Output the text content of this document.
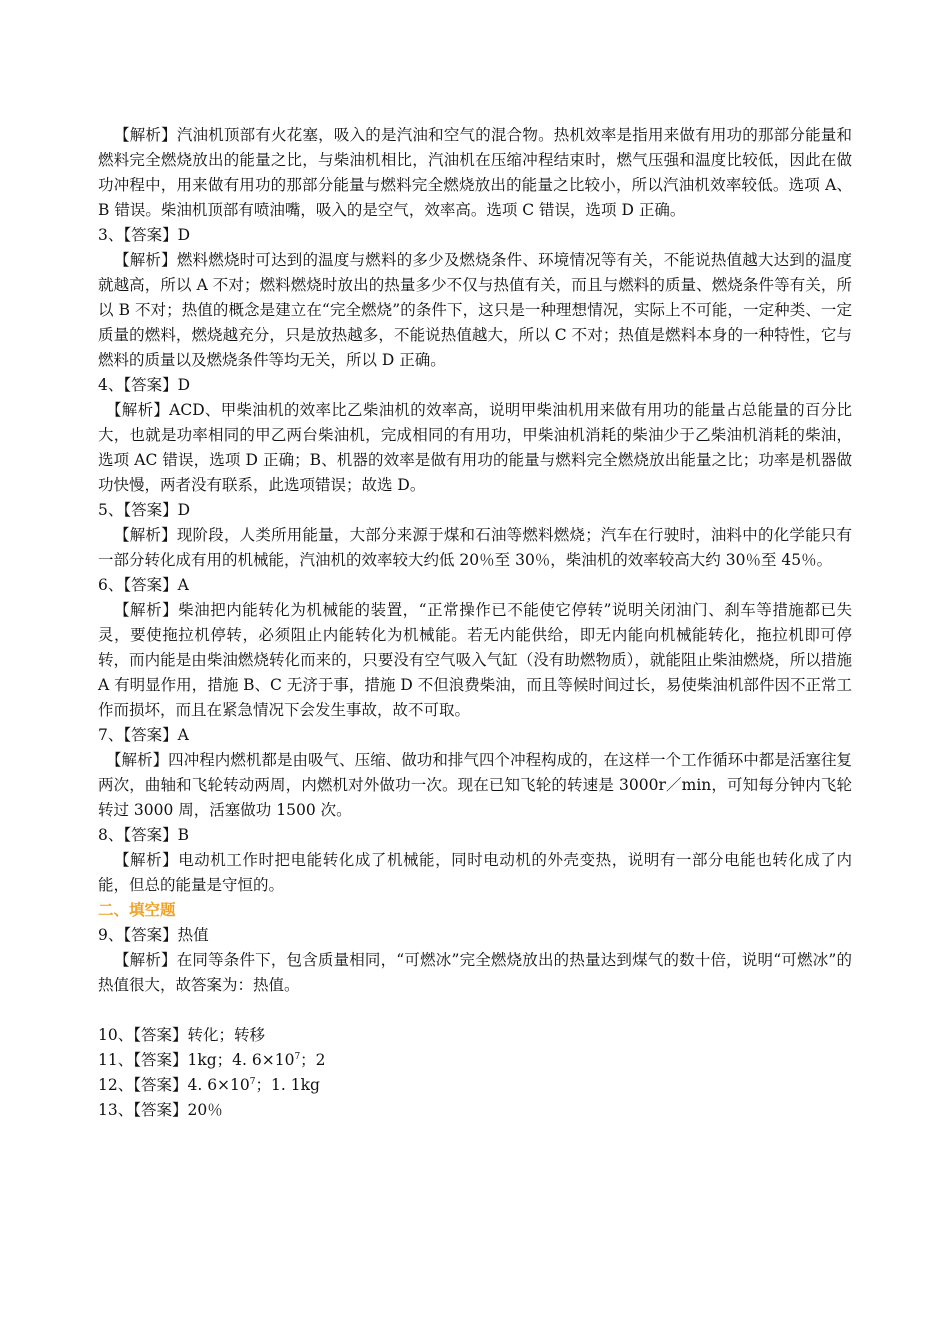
【解析】汽油机顶部有火花塞，吸入的是汽油和空气的混合物。热机效率是指用来做有用功的那部分能量和燃料完全燃烧放出的能量之比，与柴油机相比，汽油机在压缩冲程结束时，燃气压强和温度比较低，因此在做功冲程中，用来做有用功的那部分能量与燃料完全燃烧放出的能量之比较小，所以汽油机效率较低。选项 A、B 错误。柴油机顶部有喷油嘴，吸入的是空气，效率高。选项 C 错误，选项 D 正确。

3、【答案】D

【解析】燃料燃烧时可达到的温度与燃料的多少及燃烧条件、环境情况等有关，不能说热值越大达到的温度就越高，所以 A 不对；燃料燃烧时放出的热量多少不仅与热值有关，而且与燃料的质量、燃烧条件等有关，所以 B 不对；热值的概念是建立在“完全燃烧”的条件下，这只是一种理想情况，实际上不可能，一定种类、一定质量的燃料，燃烧越充分，只是放热越多，不能说热值越大，所以 C 不对；热值是燃料本身的一种特性，它与燃料的质量以及燃烧条件等均无关，所以 D 正确。

4、【答案】D

【解析】ACD、甲柴油机的效率比乙柴油机的效率高，说明甲柴油机用来做有用功的能量占总能量的百分比大，也就是功率相同的甲乙两台柴油机，完成相同的有用功，甲柴油机消耗的柴油少于乙柴油机消耗的柴油，选项 AC 错误，选项 D 正确；B、机器的效率是做有用功的能量与燃料完全燃烧放出能量之比；功率是机器做功快慢，两者没有联系，此选项错误；故选 D。

5、【答案】D

【解析】现阶段，人类所用能量，大部分来源于煤和石油等燃料燃烧；汽车在行驶时，油料中的化学能只有一部分转化成有用的机械能，汽油机的效率较大约低 20％至 30％，柴油机的效率较高大约 30％至 45％。

6、【答案】A

【解析】柴油把内能转化为机械能的装置，“正常操作已不能使它停转”说明关闭油门、刹车等措施都已失灵，要使拖拉机停转，必须阻止内能转化为机械能。若无内能供给，即无内能向机械能转化，拖拉机即可停转，而内能是由柴油燃烧转化而来的，只要没有空气吸入气缸（没有助燃物质），就能阻止柴油燃烧，所以措施 A 有明显作用，措施 B、C 无济于事，措施 D 不但浪费柴油，而且等候时间过长，易使柴油机部件因不正常工作而损坏，而且在紧急情况下会发生事故，故不可取。

7、【答案】A

【解析】四冲程内燃机都是由吸气、压缩、做功和排气四个冲程构成的，在这样一个工作循环中都是活塞往复两次，曲轴和飞轮转动两周，内燃机对外做功一次。现在已知飞轮的转速是 3000r／min，可知每分钟内飞轮转过 3000 周，活塞做功 1500 次。

8、【答案】B

【解析】电动机工作时把电能转化成了机械能，同时电动机的外壳变热，说明有一部分电能也转化成了内能，但总的能量是守恒的。

二、填空题

9、【答案】热值

【解析】在同等条件下，包含质量相同，“可燃冰”完全燃烧放出的热量达到煤气的数十倍，说明“可燃冰”的热值很大，故答案为：热值。

10、【答案】转化；转移

11、【答案】1kg；4. $6\times 10^7$；2

12、【答案】4. $6\times 10^7$；1. 1kg

13、【答案】20％
